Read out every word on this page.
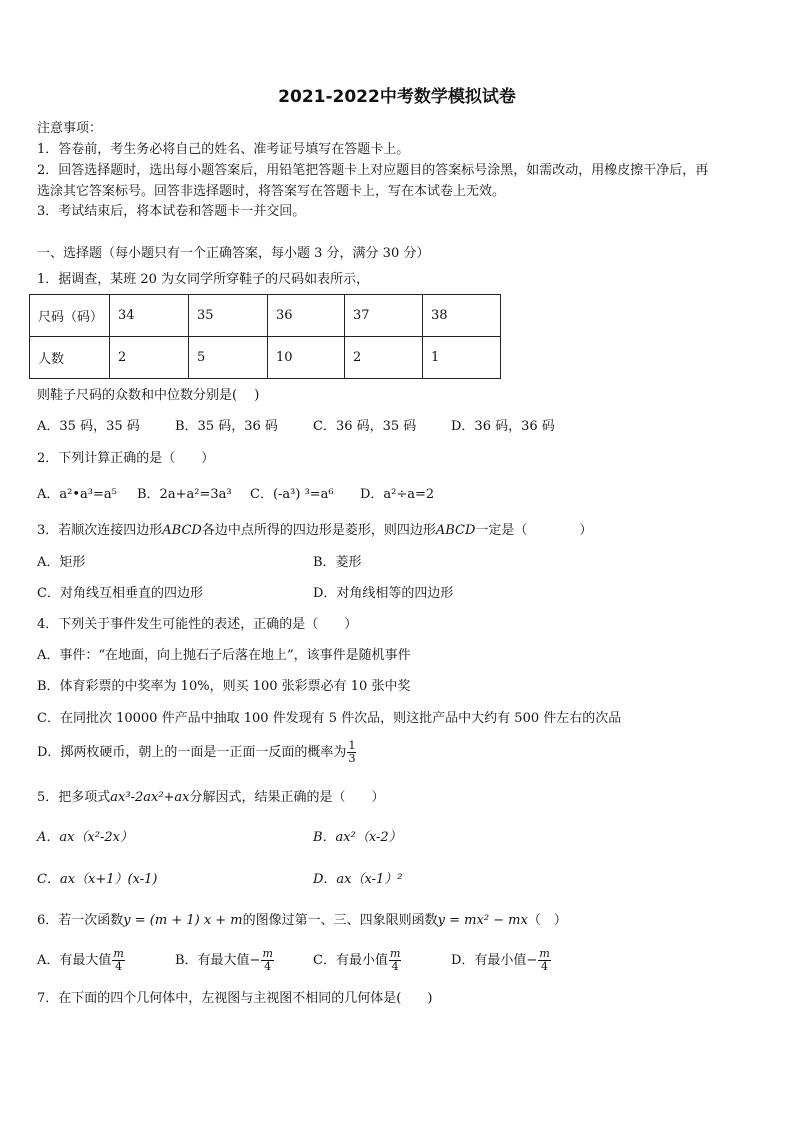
2021-2022中考数学模拟试卷
注意事项：
1．答卷前，考生务必将自己的姓名、准考证号填写在答题卡上。
2．回答选择题时，选出每小题答案后，用铅笔把答题卡上对应题目的答案标号涂黑，如需改动，用橡皮擦干净后，再
选涂其它答案标号。回答非选择题时，将答案写在答题卡上，写在本试卷上无效。
3．考试结束后，将本试卷和答题卡一并交回。
一、选择题（每小题只有一个正确答案，每小题 3 分，满分 30 分）
1．据调查，某班 20 为女同学所穿鞋子的尺码如表所示，
尺码（码）	34	35	36	37	38
人数	2	5	10	2	1
则鞋子尺码的众数和中位数分别是(　 )
A．35 码，35 码	B．35 码，36 码	C．36 码，35 码	D．36 码，36 码
2．下列计算正确的是（　　）
A．a²•a³=a⁵ B．2a+a²=3a³ C．(-a³) ³=a⁶ D．a²÷a=2
3．若顺次连接四边形ABCD各边中点所得的四边形是菱形，则四边形ABCD一定是（　　　　）
A．矩形	B．菱形
C．对角线互相垂直的四边形	D．对角线相等的四边形
4．下列关于事件发生可能性的表述，正确的是（　　）
A．事件：“在地面，向上抛石子后落在地上”，该事件是随机事件
B．体育彩票的中奖率为 10%，则买 100 张彩票必有 10 张中奖
C．在同批次 10000 件产品中抽取 100 件发现有 5 件次品，则这批产品中大约有 500 件左右的次品
D．掷两枚硬币，朝上的一面是一正面一反面的概率为 $\frac{1}{3}$
5．把多项式ax³-2ax²+ax分解因式，结果正确的是（　　）
A．ax（x²-2x）	B．ax²（x-2）
C．ax（x+1）(x-1)	D．ax（x-1）²
6．若一次函数y = (m + 1) x + m的图像过第一、三、四象限则函数y = mx² − mx（　）
A．有最大值 $\frac{m}{4}$	B．有最大值− $\frac{m}{4}$	C．有最小值 $\frac{m}{4}$	D．有最小值− $\frac{m}{4}$
7．在下面的四个几何体中，左视图与主视图不相同的几何体是(　　)
